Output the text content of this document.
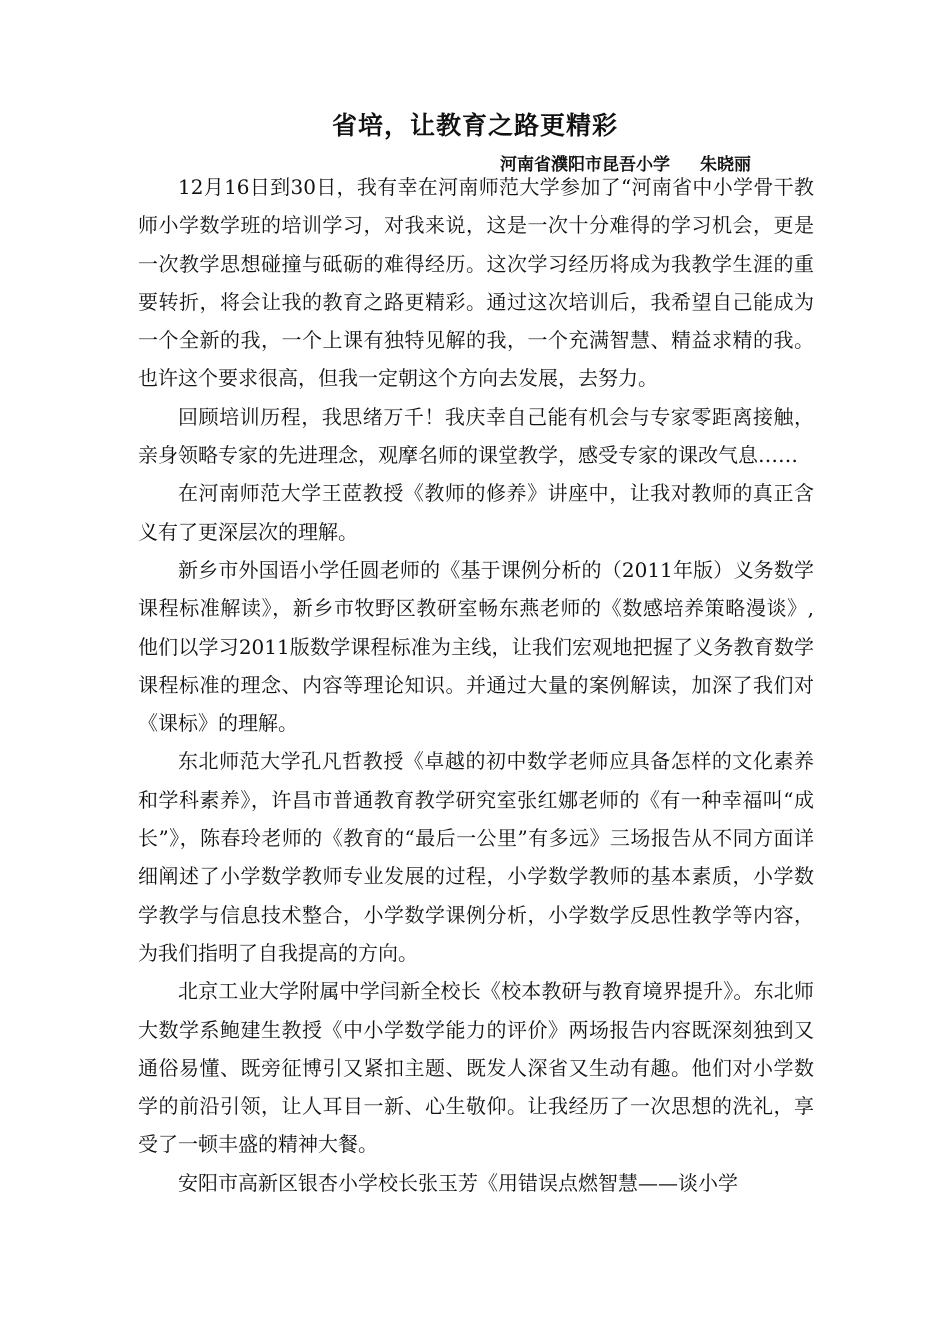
省培，让教育之路更精彩
河南省濮阳市昆吾小学 朱晓丽

12月16日到30日，我有幸在河南师范大学参加了“河南省中小学骨干教师小学数学班的培训学习，对我来说，这是一次十分难得的学习机会，更是一次教学思想碰撞与砥砺的难得经历。这次学习经历将成为我教学生涯的重要转折，将会让我的教育之路更精彩。通过这次培训后，我希望自己能成为一个全新的我，一个上课有独特见解的我，一个充满智慧、精益求精的我。也许这个要求很高，但我一定朝这个方向去发展，去努力。

回顾培训历程，我思绪万千！我庆幸自己能有机会与专家零距离接触，亲身领略专家的先进理念，观摩名师的课堂教学，感受专家的课改气息……

在河南师范大学王茝教授《教师的修养》讲座中，让我对教师的真正含义有了更深层次的理解。

新乡市外国语小学任圆老师的《基于课例分析的（2011年版）义务数学课程标准解读》，新乡市牧野区教研室畅东燕老师的《数感培养策略漫谈》,他们以学习2011版数学课程标准为主线，让我们宏观地把握了义务教育数学课程标准的理念、内容等理论知识。并通过大量的案例解读，加深了我们对《课标》的理解。

东北师范大学孔凡哲教授《卓越的初中数学老师应具备怎样的文化素养和学科素养》，许昌市普通教育教学研究室张红娜老师的《有一种幸福叫“成长”》，陈春玲老师的《教育的“最后一公里”有多远》三场报告从不同方面详细阐述了小学数学教师专业发展的过程，小学数学教师的基本素质，小学数学教学与信息技术整合，小学数学课例分析，小学数学反思性教学等内容，为我们指明了自我提高的方向。

北京工业大学附属中学闫新全校长《校本教研与教育境界提升》。东北师大数学系鲍建生教授《中小学数学能力的评价》两场报告内容既深刻独到又通俗易懂、既旁征博引又紧扣主题、既发人深省又生动有趣。他们对小学数学的前沿引领，让人耳目一新、心生敬仰。让我经历了一次思想的洗礼，享受了一顿丰盛的精神大餐。

安阳市高新区银杏小学校长张玉芳《用错误点燃智慧——谈小学
